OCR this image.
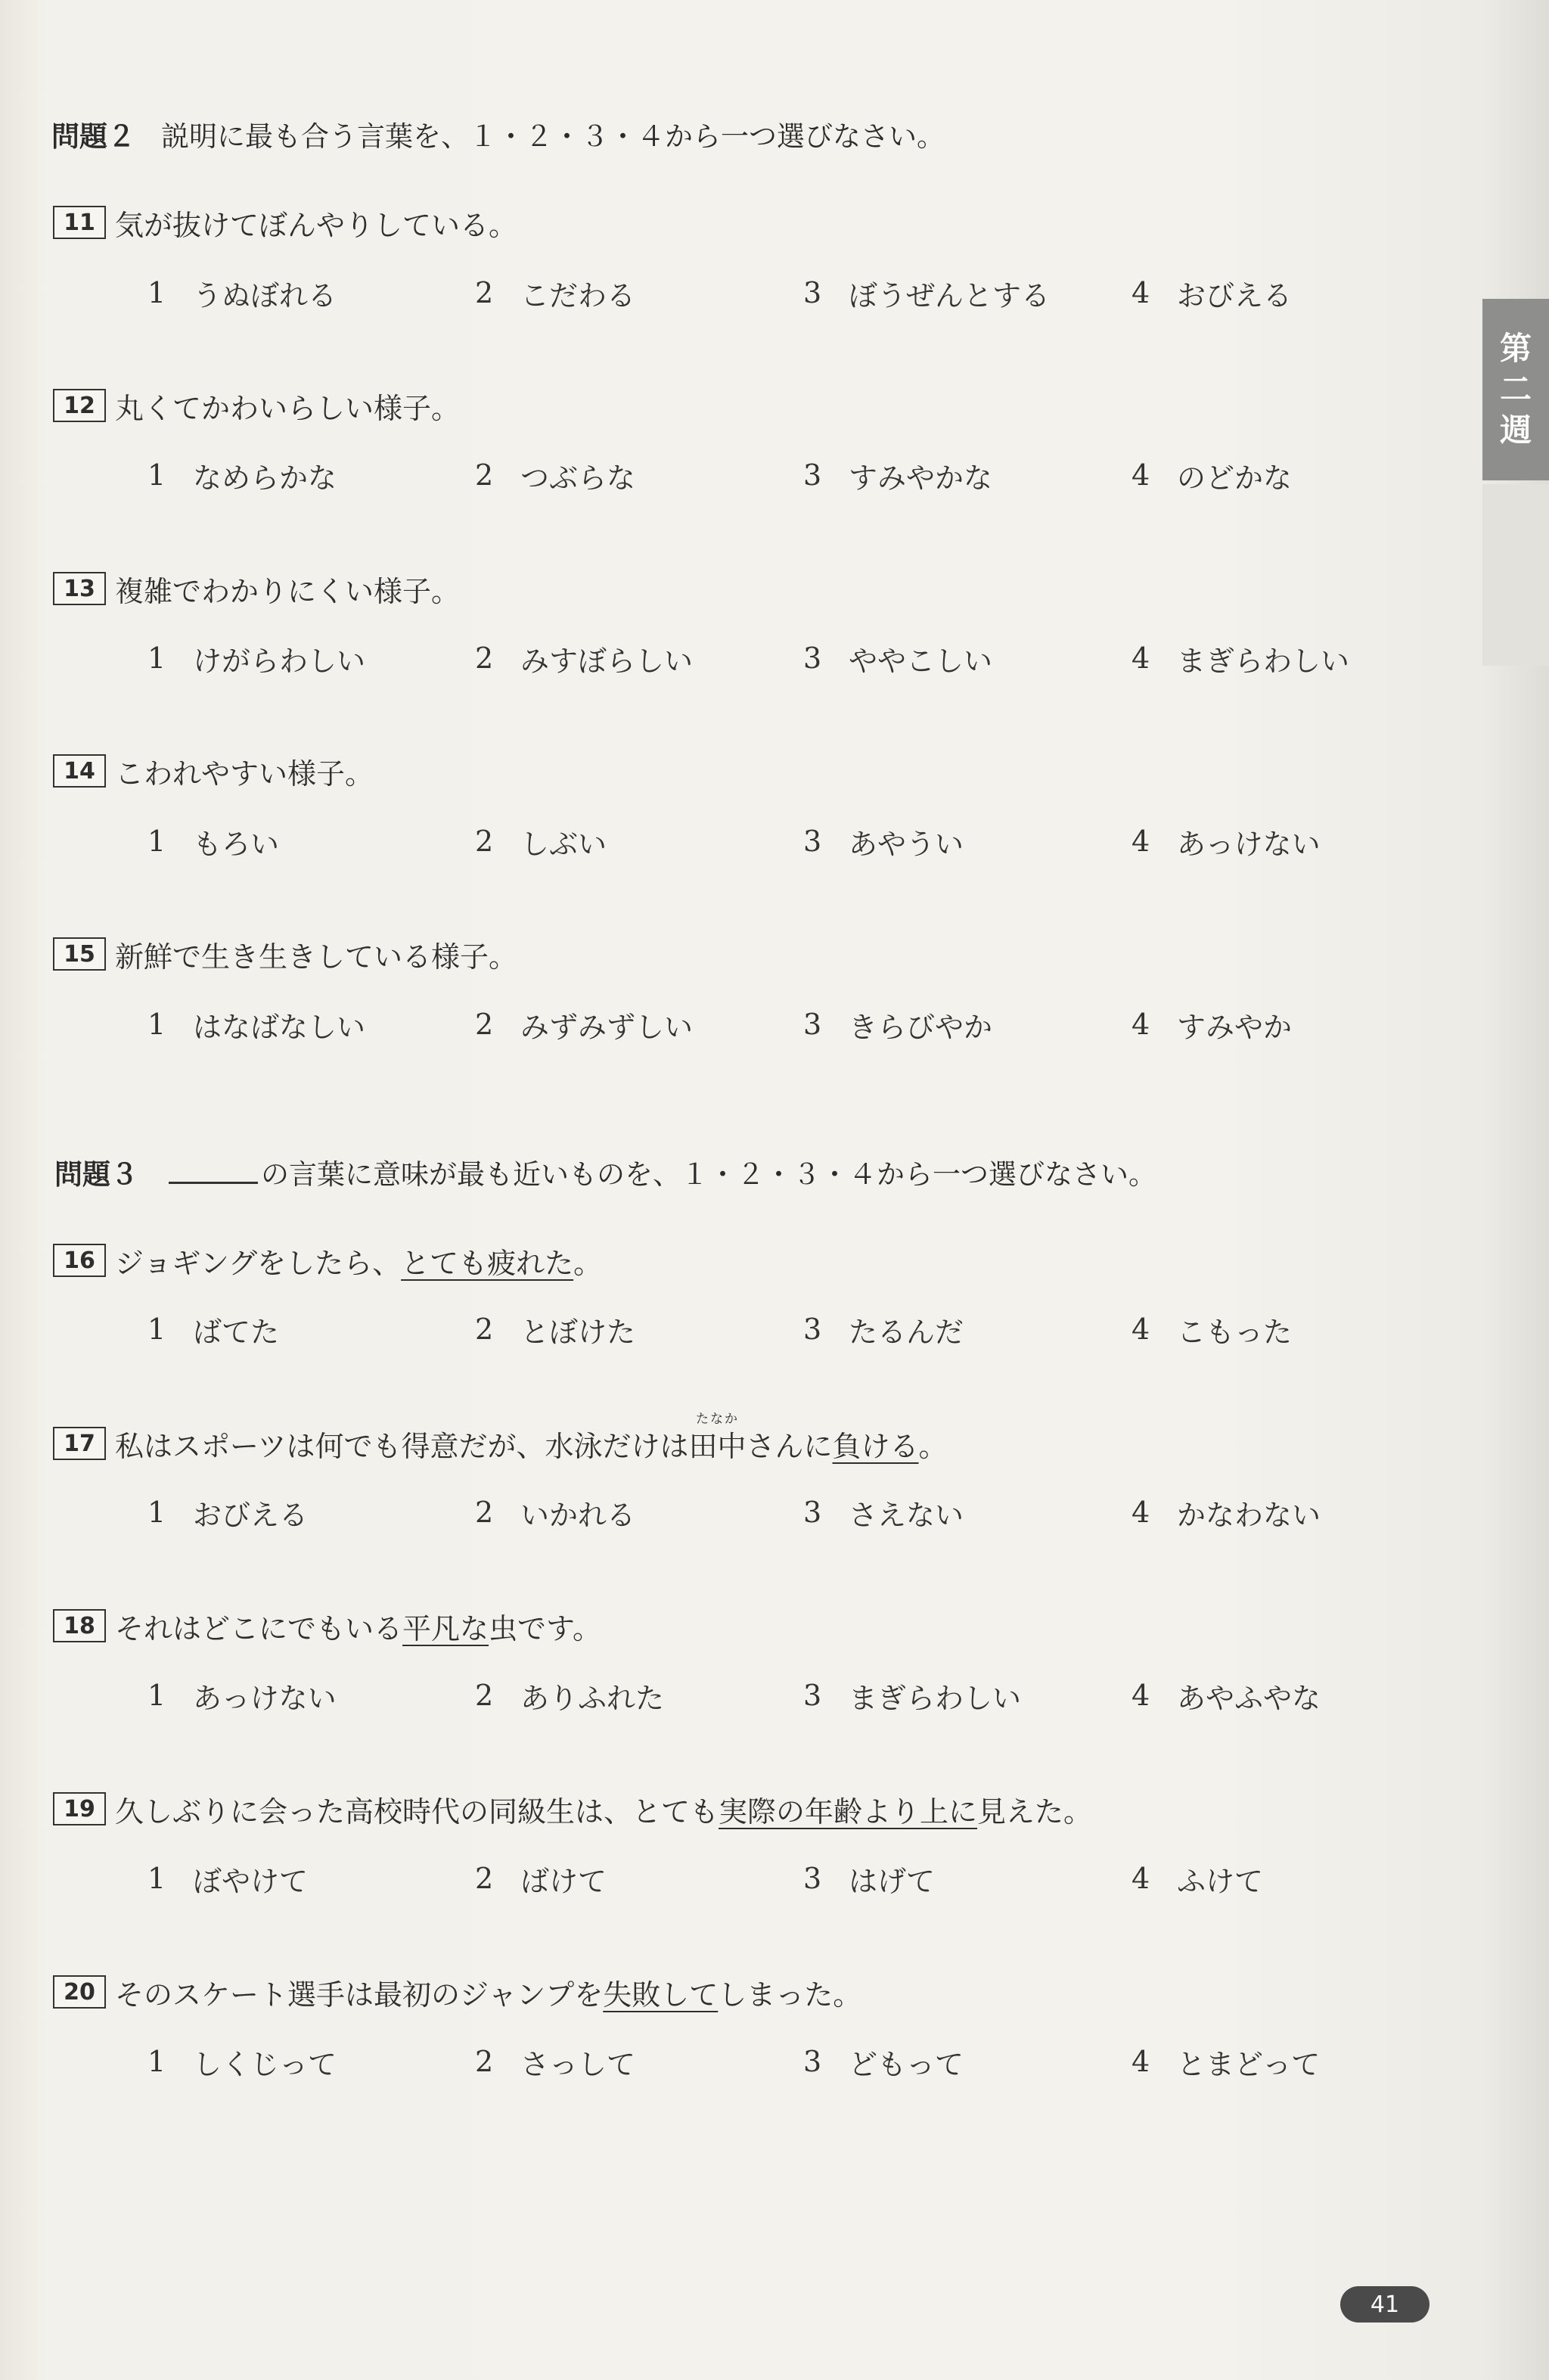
問題２ 説明に最も合う言葉を、１・２・３・４から一つ選びなさい。
11 気が抜けてぼんやりしている。
1 うぬぼれる	2 こだわる	3 ぼうぜんとする	4 おびえる
12 丸くてかわいらしい様子。
1 なめらかな	2 つぶらな	3 すみやかな	4 のどかな
13 複雑でわかりにくい様子。
1 けがらわしい	2 みすぼらしい	3 ややこしい	4 まぎらわしい
14 こわれやすい様子。
1 もろい	2 しぶい	3 あやうい	4 あっけない
15 新鮮で生き生きしている様子。
1 はなばなしい	2 みずみずしい	3 きらびやか	4 すみやか
問題３	の言葉に意味が最も近いものを、１・２・３・４から一つ選びなさい。
16 ジョギングをしたら、 とても疲れた 。
1 ばてた	2 とぼけた	3 たるんだ	4 こもった
17 私はスポーツは何でも得意だが、水泳だけは
たなか
田中 さんに 負ける 。
1 おびえる	2 いかれる	3 さえない	4 かなわない
18 それはどこにでもいる 平凡な 虫です。
1 あっけない	2 ありふれた	3 まぎらわしい	4 あやふやな
19 久しぶりに会った高校時代の同級生は、とても 実際の年齢より上に 見えた。
1 ぼやけて	2 ばけて	3 はげて	4 ふけて
20 そのスケート選手は最初のジャンプを 失敗して しまった。
1 しくじって	2 さっして	3 どもって	4 とまどって
第
二
週
41
